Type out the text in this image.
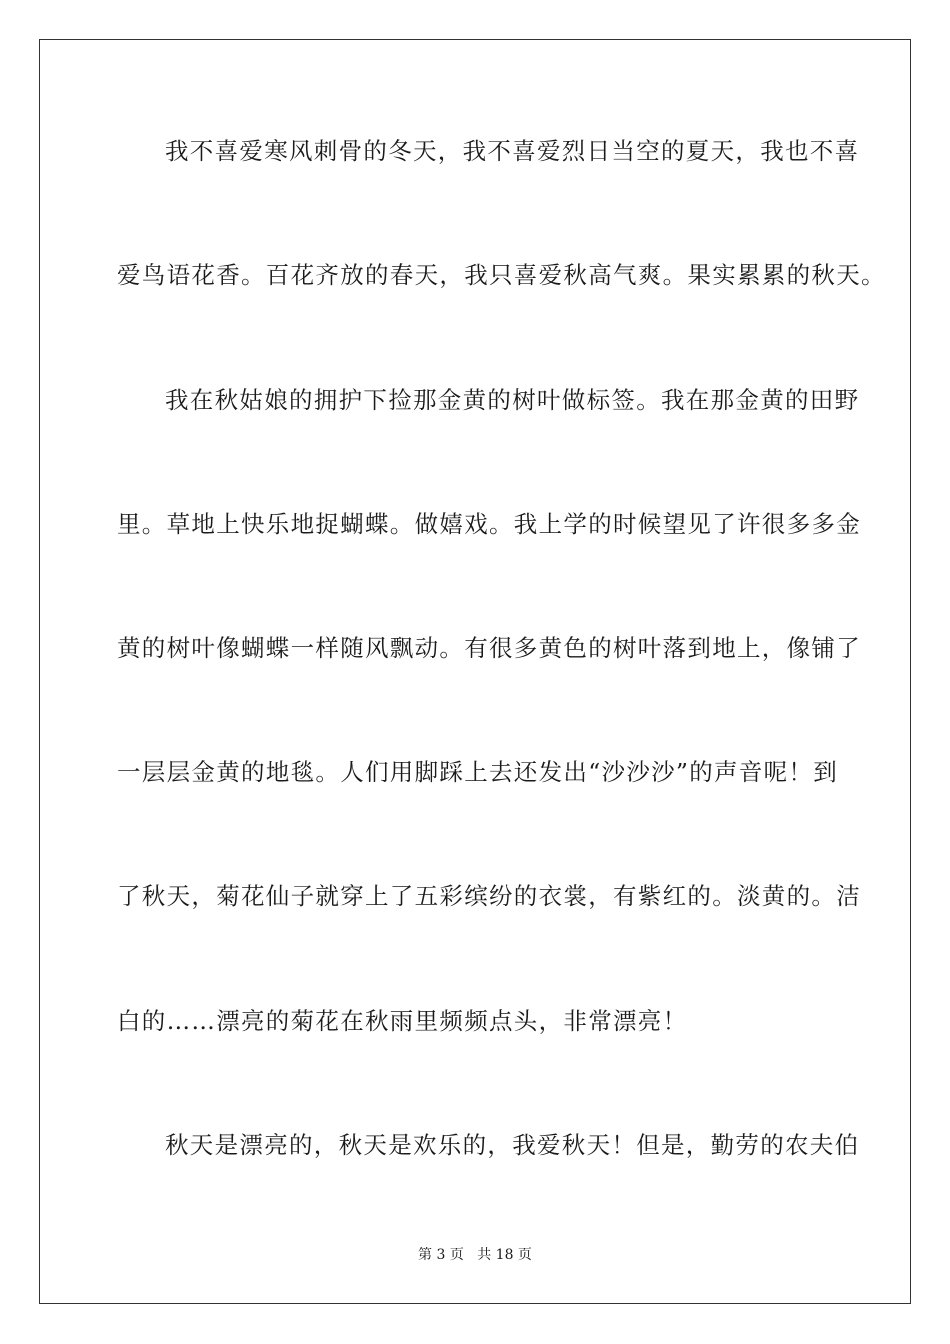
我不喜爱寒风刺骨的冬天，我不喜爱烈日当空的夏天，我也不喜
爱鸟语花香。百花齐放的春天，我只喜爱秋高气爽。果实累累的秋天。
我在秋姑娘的拥护下捡那金黄的树叶做标签。我在那金黄的田野
里。草地上快乐地捉蝴蝶。做嬉戏。我上学的时候望见了许很多多金
黄的树叶像蝴蝶一样随风飘动。有很多黄色的树叶落到地上，像铺了
一层层金黄的地毯。人们用脚踩上去还发出“沙沙沙”的声音呢！到
了秋天，菊花仙子就穿上了五彩缤纷的衣裳，有紫红的。淡黄的。洁
白的……漂亮的菊花在秋雨里频频点头，非常漂亮！
秋天是漂亮的，秋天是欢乐的，我爱秋天！但是，勤劳的农夫伯
第 3 页 共 18 页
